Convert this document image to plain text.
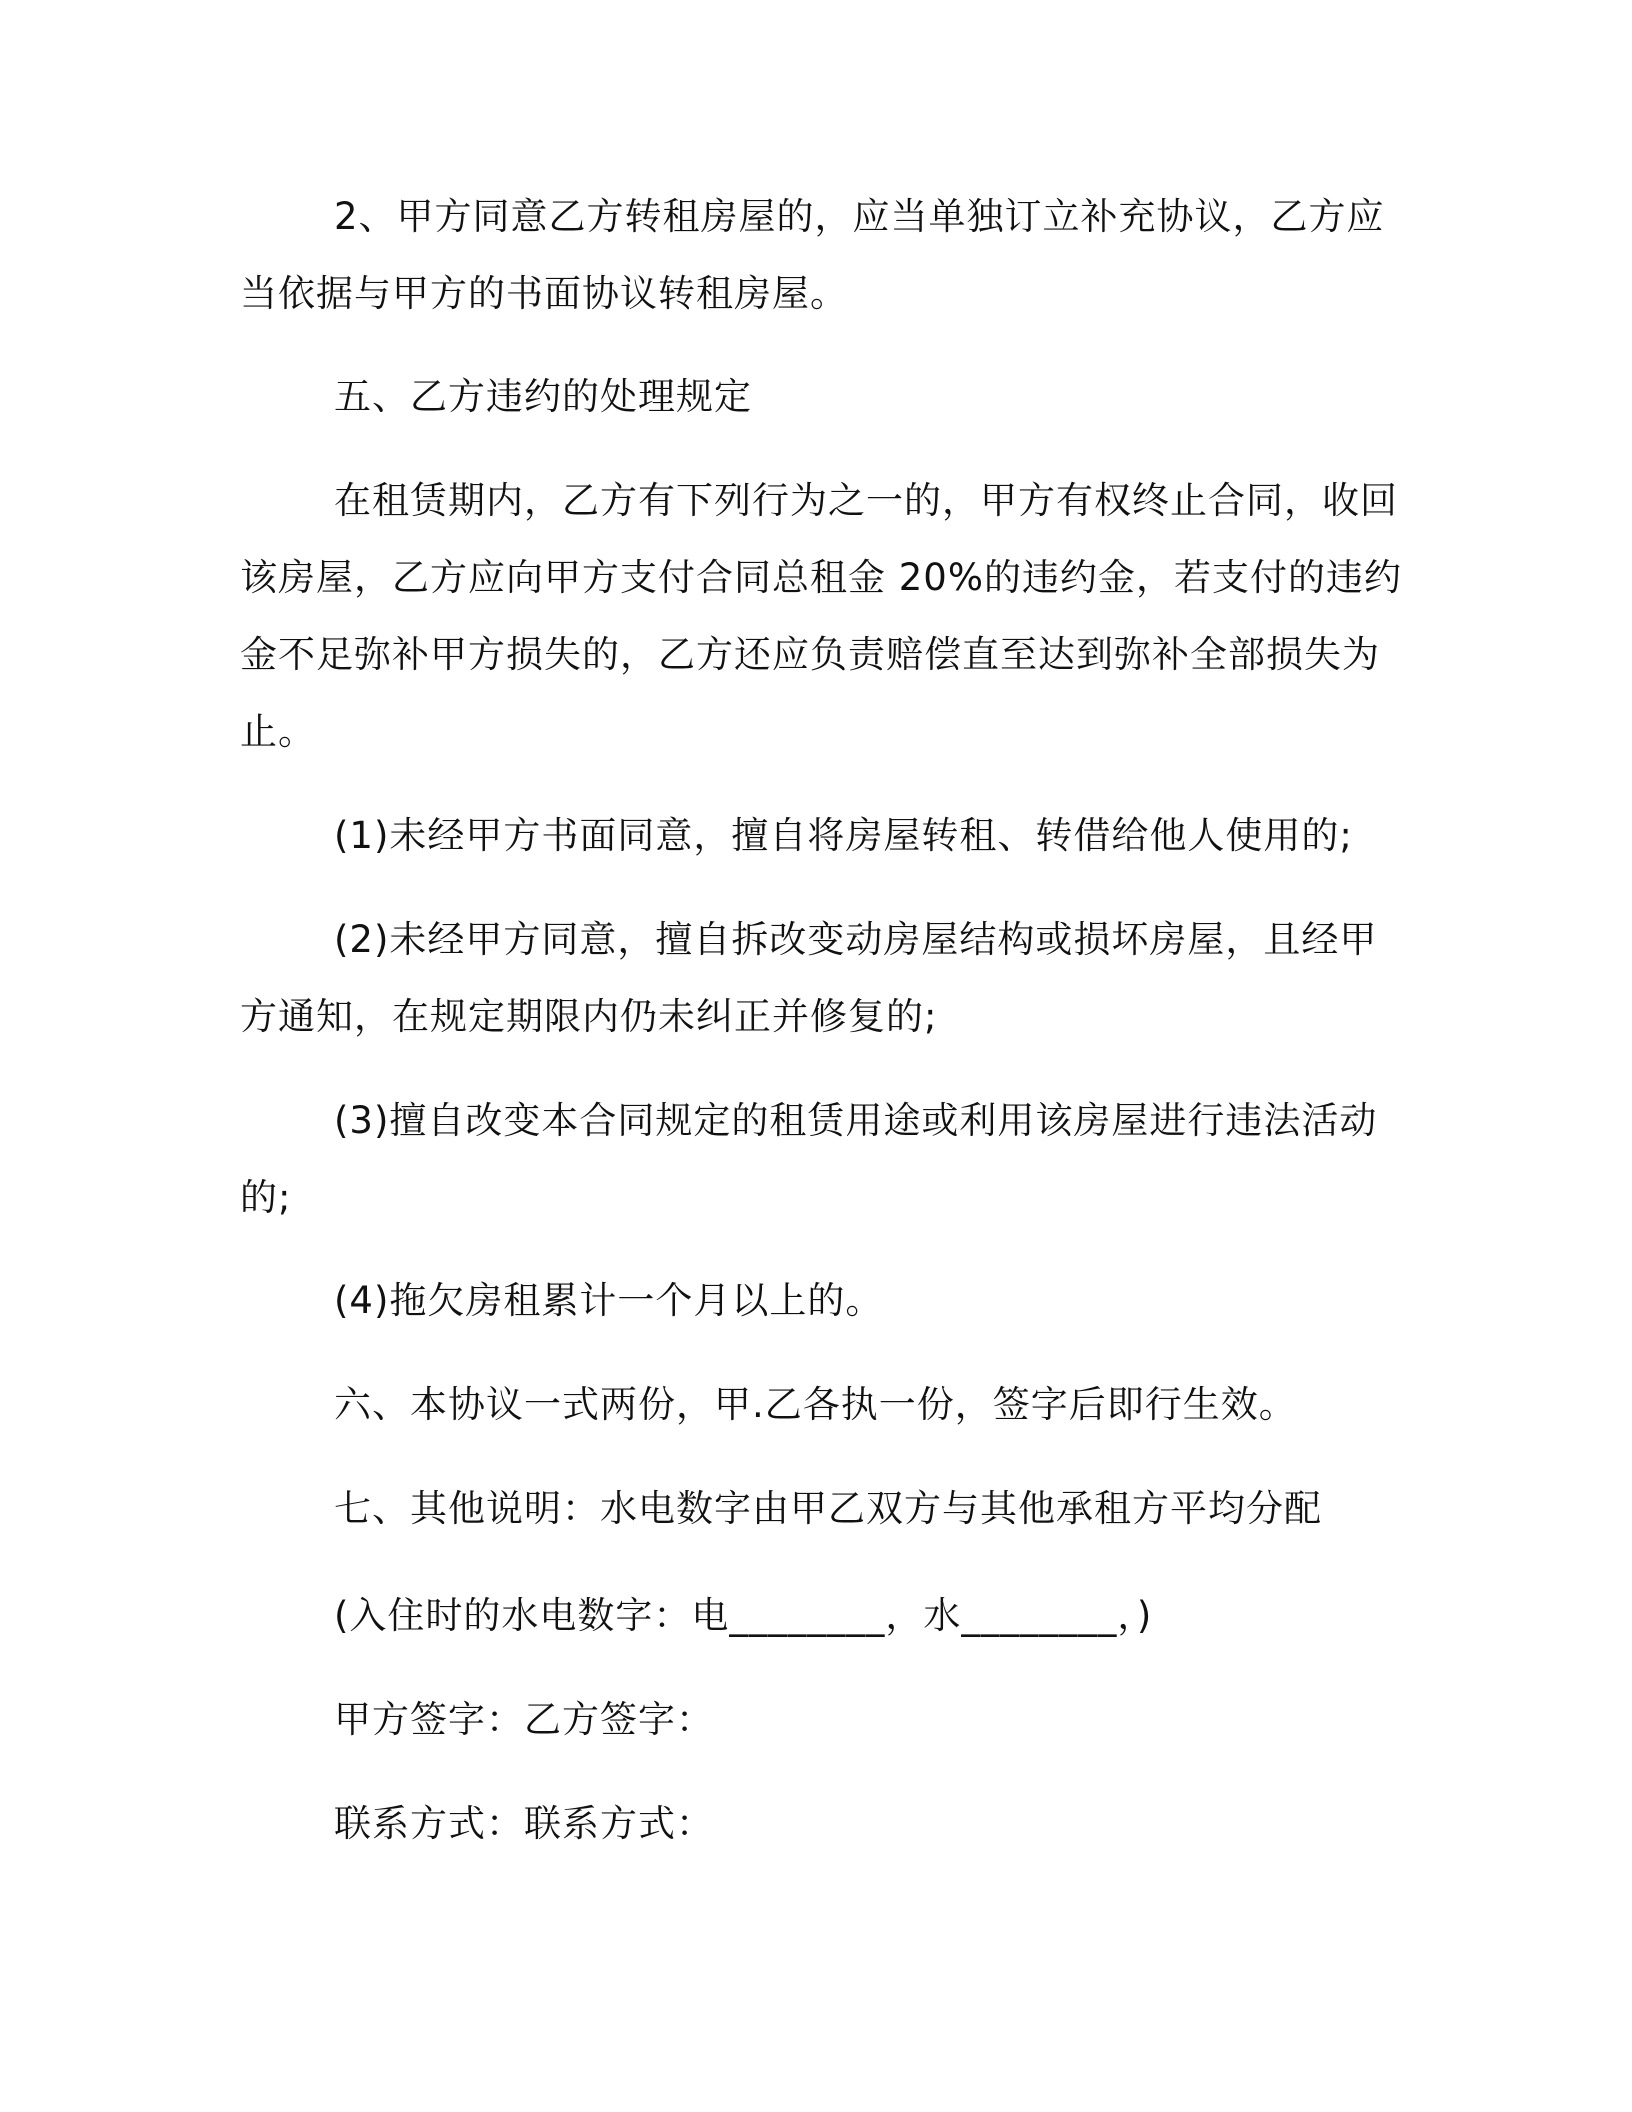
2、甲方同意乙方转租房屋的，应当单独订立补充协议，乙方应
当依据与甲方的书面协议转租房屋。

五、乙方违约的处理规定

在租赁期内，乙方有下列行为之一的，甲方有权终止合同，收回
该房屋，乙方应向甲方支付合同总租金 20%的违约金，若支付的违约
金不足弥补甲方损失的，乙方还应负责赔偿直至达到弥补全部损失为
止。

(1)未经甲方书面同意，擅自将房屋转租、转借给他人使用的;

(2)未经甲方同意，擅自拆改变动房屋结构或损坏房屋，且经甲
方通知，在规定期限内仍未纠正并修复的;

(3)擅自改变本合同规定的租赁用途或利用该房屋进行违法活动
的;

(4)拖欠房租累计一个月以上的。

六、本协议一式两份，甲.乙各执一份，签字后即行生效。

七、其他说明：水电数字由甲乙双方与其他承租方平均分配

(入住时的水电数字：电________，水________，)

甲方签字：乙方签字：

联系方式：联系方式：
